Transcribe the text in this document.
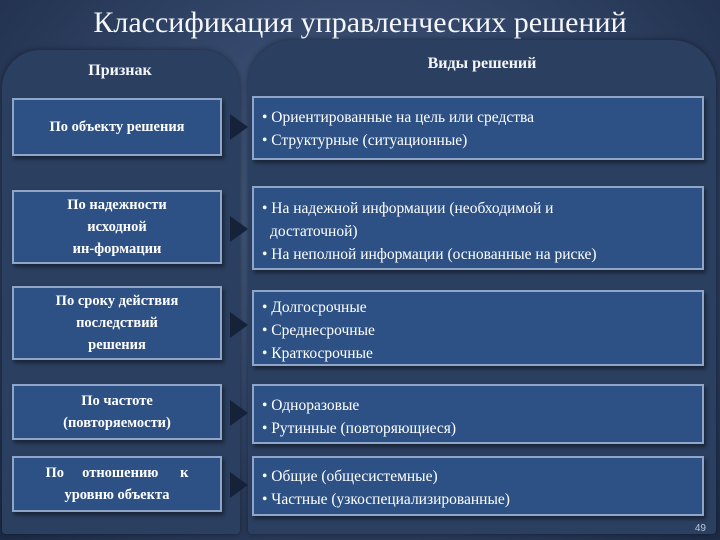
Классификация управленческих решений
Признак	Виды решений
По объекту решения
• Ориентированные на цель или средства
• Структурные (ситуационные)
По надежности
исходной
ин-формации
• На надежной информации (необходимой и
достаточной)
• На неполной информации (основанные на риске)
По сроку действия
последствий
решения
• Долгосрочные
• Среднесрочные
• Краткосрочные
По частоте
(повторяемости)
• Одноразовые
• Рутинные (повторяющиеся)
По     отношению      к
уровню объекта
• Общие (общесистемные)
• Частные (узкоспециализированные)
49
